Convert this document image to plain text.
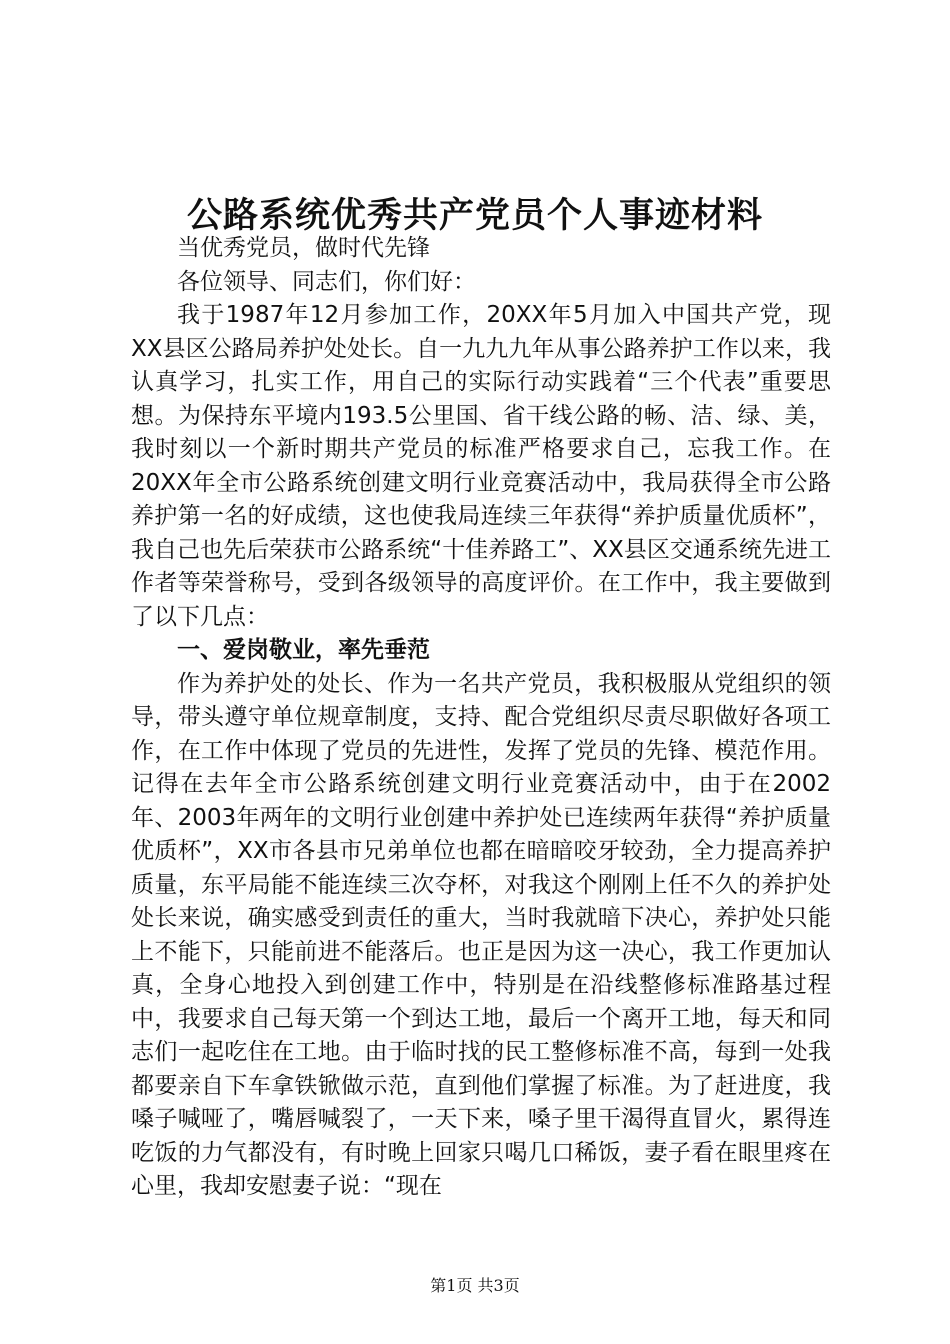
公路系统优秀共产党员个人事迹材料

当优秀党员，做时代先锋

各位领导、同志们，你们好：

我于1987年12月参加工作，20XX年5月加入中国共产党，现XX县区公路局养护处处长。自一九九九年从事公路养护工作以来，我认真学习，扎实工作，用自己的实际行动实践着“三个代表”重要思想。为保持东平境内193.5公里国、省干线公路的畅、洁、绿、美，我时刻以一个新时期共产党员的标准严格要求自己，忘我工作。在20XX年全市公路系统创建文明行业竞赛活动中，我局获得全市公路养护第一名的好成绩，这也使我局连续三年获得“养护质量优质杯”，我自己也先后荣获市公路系统“十佳养路工”、XX县区交通系统先进工作者等荣誉称号，受到各级领导的高度评价。在工作中，我主要做到了以下几点：

一、爱岗敬业，率先垂范

作为养护处的处长、作为一名共产党员，我积极服从党组织的领导，带头遵守单位规章制度，支持、配合党组织尽责尽职做好各项工作，在工作中体现了党员的先进性，发挥了党员的先锋、模范作用。记得在去年全市公路系统创建文明行业竞赛活动中，由于在2002年、2003年两年的文明行业创建中养护处已连续两年获得“养护质量优质杯”，XX市各县市兄弟单位也都在暗暗咬牙较劲，全力提高养护质量，东平局能不能连续三次夺杯，对我这个刚刚上任不久的养护处处长来说，确实感受到责任的重大，当时我就暗下决心，养护处只能上不能下，只能前进不能落后。也正是因为这一决心，我工作更加认真，全身心地投入到创建工作中，特别是在沿线整修标准路基过程中，我要求自己每天第一个到达工地，最后一个离开工地，每天和同志们一起吃住在工地。由于临时找的民工整修标准不高，每到一处我都要亲自下车拿铁锨做示范，直到他们掌握了标准。为了赶进度，我嗓子喊哑了，嘴唇喊裂了，一天下来，嗓子里干渴得直冒火，累得连吃饭的力气都没有，有时晚上回家只喝几口稀饭，妻子看在眼里疼在心里，我却安慰妻子说：“现在

第1页 共3页
